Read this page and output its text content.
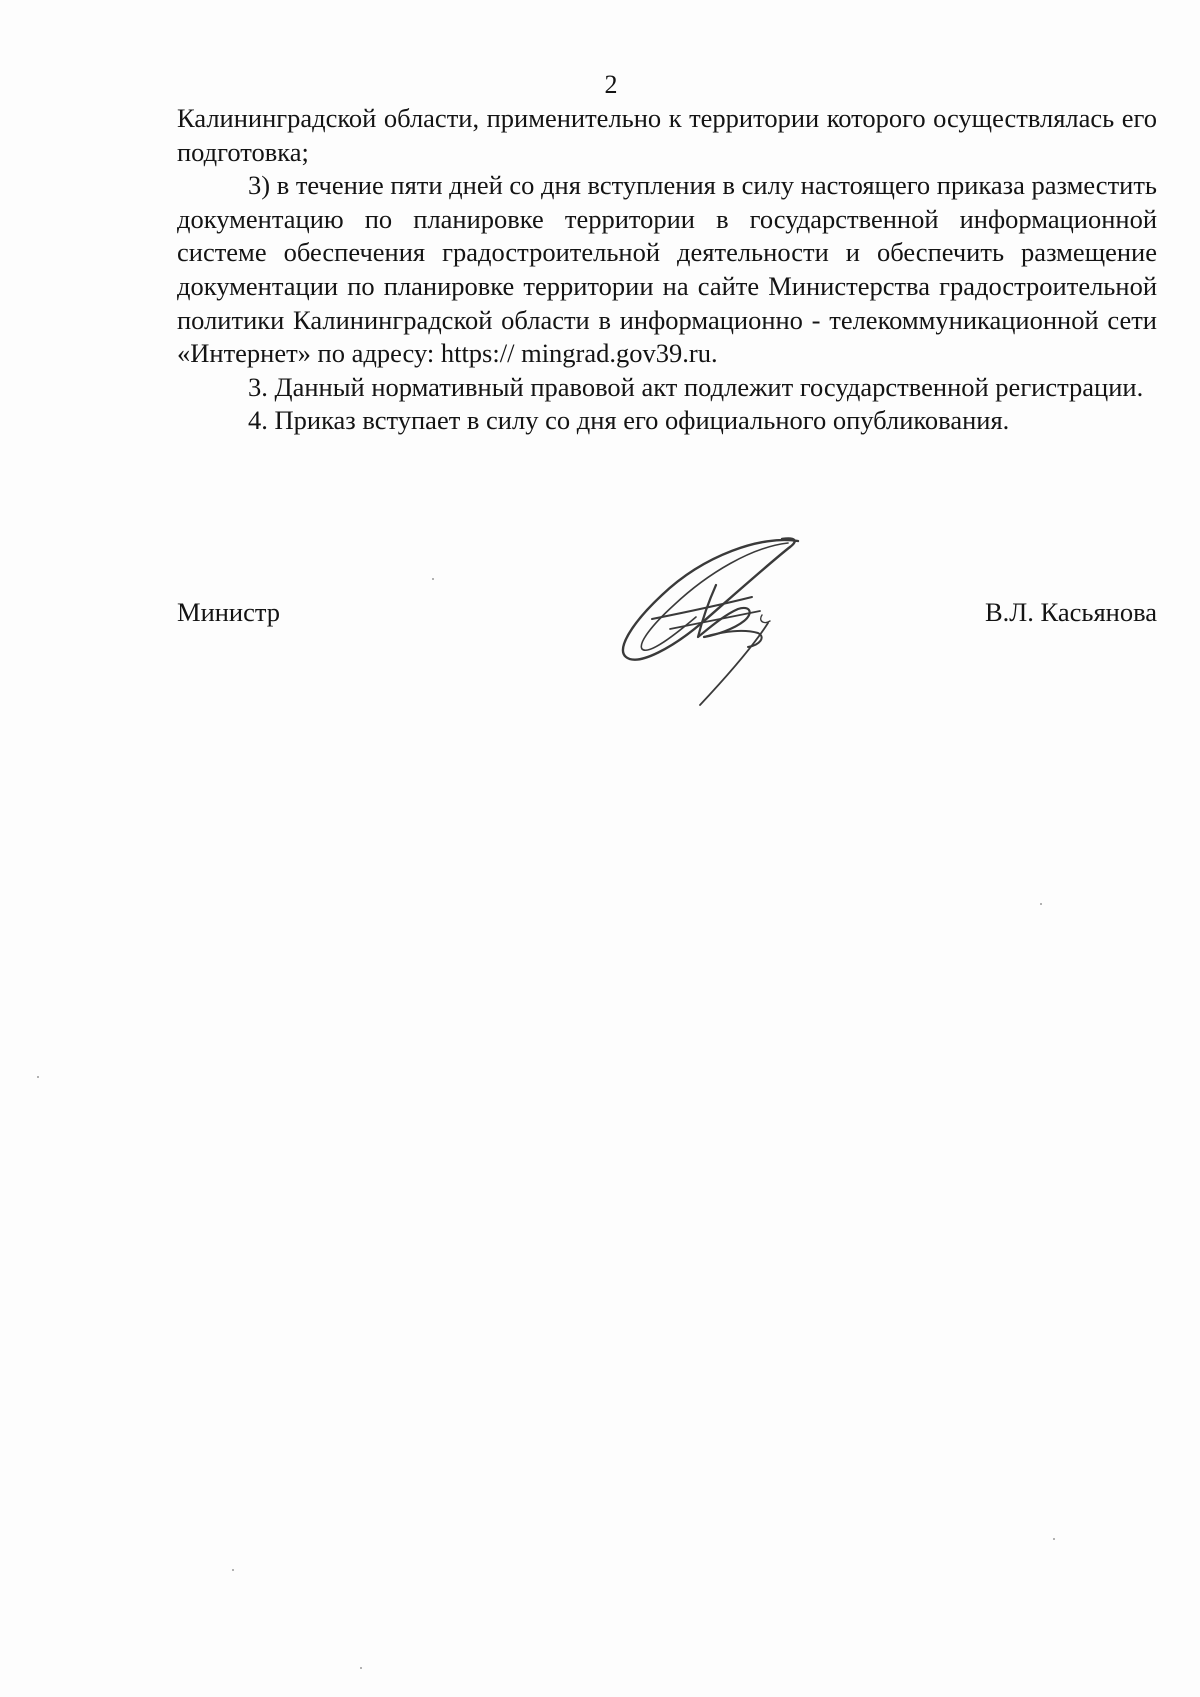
2

Калининградской области, применительно к территории которого осуществлялась его подготовка;

3) в течение пяти дней со дня вступления в силу настоящего приказа разместить документацию по планировке территории в государственной информационной системе обеспечения градостроительной деятельности и обеспечить размещение документации по планировке территории на сайте Министерства градостроительной политики Калининградской области в информационно - телекоммуникационной сети «Интернет» по адресу: https:// mingrad.gov39.ru.

3. Данный нормативный правовой акт подлежит государственной регистрации.

4. Приказ вступает в силу со дня его официального опубликования.

Министр	В.Л. Касьянова
